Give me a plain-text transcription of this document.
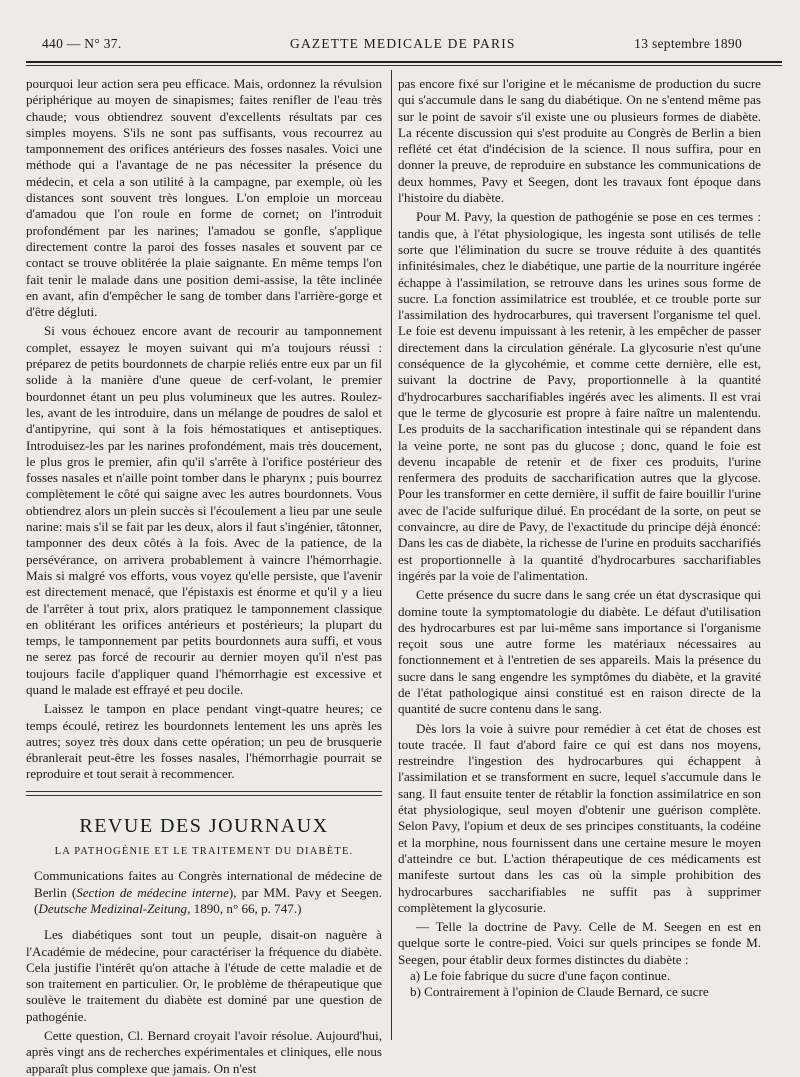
440 — N° 37.	GAZETTE MEDICALE DE PARIS	13 septembre 1890

pourquoi leur action sera peu efficace. Mais, ordonnez la révulsion périphérique au moyen de sinapismes; faites renifler de l'eau très chaude; vous obtiendrez souvent d'excellents résultats par ces simples moyens. S'ils ne sont pas suffisants, vous recourrez au tamponnement des orifices antérieurs des fosses nasales. Voici une méthode qui a l'avantage de ne pas nécessiter la présence du médecin, et cela a son utilité à la campagne, par exemple, où les distances sont souvent très longues. L'on emploie un morceau d'amadou que l'on roule en forme de cornet; on l'introduit profondément par les narines; l'amadou se gonfle, s'applique directement contre la paroi des fosses nasales et souvent par ce contact se trouve oblitérée la plaie saignante. En même temps l'on fait tenir le malade dans une position demi-assise, la tête inclinée en avant, afin d'empêcher le sang de tomber dans l'arrière-gorge et d'être dégluti.

Si vous échouez encore avant de recourir au tamponnement complet, essayez le moyen suivant qui m'a toujours réussi : préparez de petits bourdonnets de charpie reliés entre eux par un fil solide à la manière d'une queue de cerf-volant, le premier bourdonnet étant un peu plus volumineux que les autres. Roulez-les, avant de les introduire, dans un mélange de poudres de salol et d'antipyrine, qui sont à la fois hémostatiques et antiseptiques. Introduisez-les par les narines profondément, mais très doucement, le plus gros le premier, afin qu'il s'arrête à l'orifice postérieur des fosses nasales et n'aille point tomber dans le pharynx ; puis bourrez complètement le côté qui saigne avec les autres bourdonnets. Vous obtiendrez alors un plein succès si l'écoulement a lieu par une seule narine: mais s'il se fait par les deux, alors il faut s'ingénier, tâtonner, tamponner des deux côtés à la fois. Avec de la patience, de la persévérance, on arrivera probablement à vaincre l'hémorrhagie. Mais si malgré vos efforts, vous voyez qu'elle persiste, que l'avenir est directement menacé, que l'épistaxis est énorme et qu'il y a lieu de l'arrêter à tout prix, alors pratiquez le tamponnement classique en oblitérant les orifices antérieurs et postérieurs; la plupart du temps, le tamponnement par petits bourdonnets aura suffi, et vous ne serez pas forcé de recourir au dernier moyen qu'il n'est pas toujours facile d'appliquer quand l'hémorrhagie est excessive et quand le malade est effrayé et peu docile.

Laissez le tampon en place pendant vingt-quatre heures; ce temps écoulé, retirez les bourdonnets lentement les uns après les autres; soyez très doux dans cette opération; un peu de brusquerie ébranlerait peut-être les fosses nasales, l'hémorrhagie pourrait se reproduire et tout serait à recommencer.

REVUE DES JOURNAUX
LA PATHOGÉNIE ET LE TRAITEMENT DU DIABÈTE.

Communications faites au Congrès international de médecine de Berlin (Section de médecine interne), par MM. Pavy et Seegen. (Deutsche Medizinal-Zeitung, 1890, n° 66, p. 747.)

Les diabétiques sont tout un peuple, disait-on naguère à l'Académie de médecine, pour caractériser la fréquence du diabète. Cela justifie l'intérêt qu'on attache à l'étude de cette maladie et de son traitement en particulier. Or, le problème de thérapeutique que soulève le traitement du diabète est dominé par une question de pathogénie.

Cette question, Cl. Bernard croyait l'avoir résolue. Aujourd'hui, après vingt ans de recherches expérimentales et cliniques, elle nous apparaît plus complexe que jamais. On n'est

pas encore fixé sur l'origine et le mécanisme de production du sucre qui s'accumule dans le sang du diabétique. On ne s'entend même pas sur le point de savoir s'il existe une ou plusieurs formes de diabète. La récente discussion qui s'est produite au Congrès de Berlin a bien reflété cet état d'indécision de la science. Il nous suffira, pour en donner la preuve, de reproduire en substance les communications de deux hommes, Pavy et Seegen, dont les travaux font époque dans l'histoire du diabète.

Pour M. Pavy, la question de pathogénie se pose en ces termes : tandis que, à l'état physiologique, les ingesta sont utilisés de telle sorte que l'élimination du sucre se trouve réduite à des quantités infinitésimales, chez le diabétique, une partie de la nourriture ingérée échappe à l'assimilation, se retrouve dans les urines sous forme de sucre. La fonction assimilatrice est troublée, et ce trouble porte sur l'assimilation des hydrocarbures, qui traversent l'organisme tel quel. Le foie est devenu impuissant à les retenir, à les empêcher de passer directement dans la circulation générale. La glycosurie n'est qu'une conséquence de la glycohémie, et comme cette dernière, elle est, suivant la doctrine de Pavy, proportionnelle à la quantité d'hydrocarbures saccharifiables ingérés avec les aliments. Il est vrai que le terme de glycosurie est propre à faire naître un malentendu. Les produits de la saccharification intestinale qui se répandent dans la veine porte, ne sont pas du glucose ; donc, quand le foie est devenu incapable de retenir et de fixer ces produits, l'urine renfermera des produits de saccharification autres que la glycose. Pour les transformer en cette dernière, il suffit de faire bouillir l'urine avec de l'acide sulfurique dilué. En procédant de la sorte, on peut se convaincre, au dire de Pavy, de l'exactitude du principe déjà énoncé: Dans les cas de diabète, la richesse de l'urine en produits saccharifiés est proportionnelle à la quantité d'hydrocarbures saccharifiables ingérés par la voie de l'alimentation.

Cette présence du sucre dans le sang crée un état dyscrasique qui domine toute la symptomatologie du diabète. Le défaut d'utilisation des hydrocarbures est par lui-même sans importance si l'organisme reçoit sous une autre forme les matériaux nécessaires au fonctionnement et à l'entretien de ses appareils. Mais la présence du sucre dans le sang engendre les symptômes du diabète, et la gravité de l'état pathologique ainsi constitué est en raison directe de la quantité de sucre contenu dans le sang.

Dès lors la voie à suivre pour remédier à cet état de choses est toute tracée. Il faut d'abord faire ce qui est dans nos moyens, restreindre l'ingestion des hydrocarbures qui échappent à l'assimilation et se transforment en sucre, lequel s'accumule dans le sang. Il faut ensuite tenter de rétablir la fonction assimilatrice en son état physiologique, seul moyen d'obtenir une guérison complète. Selon Pavy, l'opium et deux de ses principes constituants, la codéine et la morphine, nous fournissent dans une certaine mesure le moyen d'atteindre ce but. L'action thérapeutique de ces médicaments est manifeste surtout dans les cas où la simple prohibition des hydrocarbures saccharifiables ne suffit pas à supprimer complètement la glycosurie.

— Telle la doctrine de Pavy. Celle de M. Seegen en est en quelque sorte le contre-pied. Voici sur quels principes se fonde M. Seegen, pour établir deux formes distinctes du diabète :

a) Le foie fabrique du sucre d'une façon continue.

b) Contrairement à l'opinion de Claude Bernard, ce sucre
